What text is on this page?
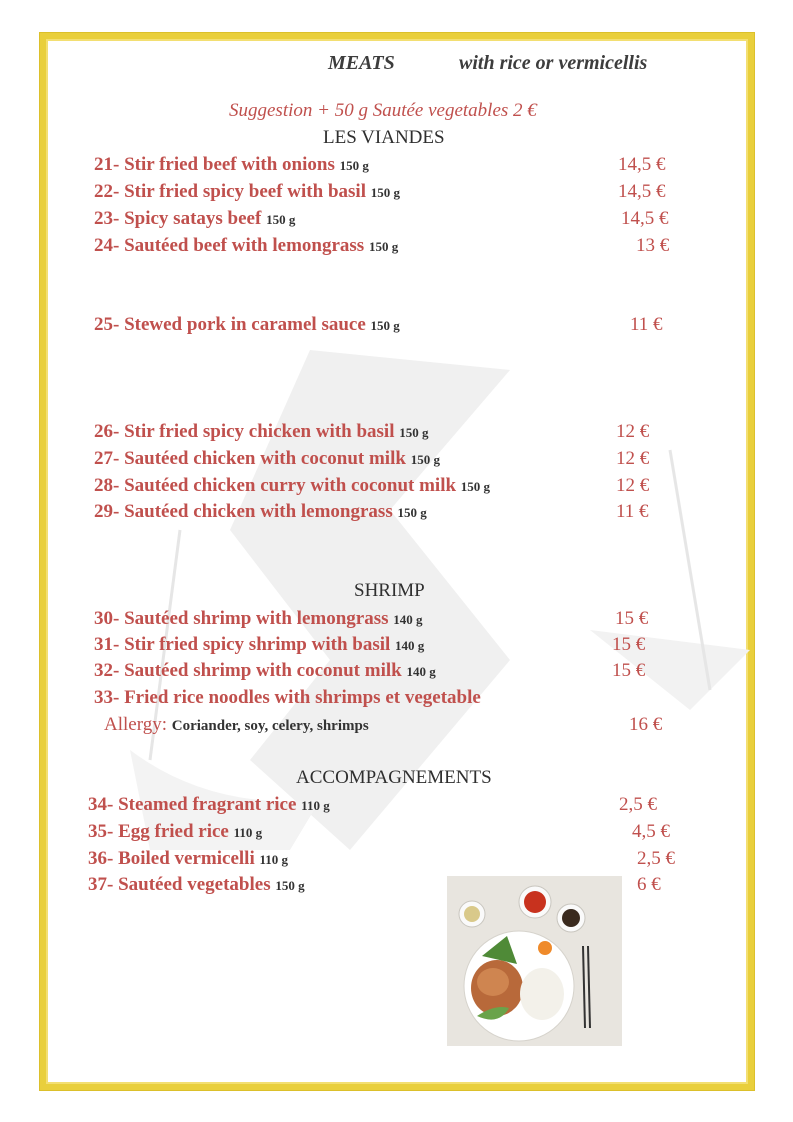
MEATS	with rice or vermicellis
Suggestion + 50 g Sautée vegetables 2 €
LES VIANDES
21- Stir fried beef with onions 150 g	14,5 €
22- Stir fried spicy beef with basil 150 g	14,5 €
23- Spicy satays beef 150 g	14,5 €
24- Sautéed beef with lemongrass 150 g	13 €
25- Stewed pork in caramel sauce 150 g	11 €
26- Stir fried spicy chicken with basil 150 g	12 €
27- Sautéed chicken with coconut milk 150 g	12 €
28- Sautéed chicken curry with coconut milk 150 g	12 €
29- Sautéed chicken with lemongrass 150 g	11 €
SHRIMP
30- Sautéed shrimp with lemongrass 140 g	15 €
31- Stir fried spicy shrimp with basil 140 g	15 €
32- Sautéed shrimp with coconut milk 140 g	15 €
33- Fried rice noodles with shrimps et vegetable
Allergy: Coriander, soy, celery, shrimps	16 €
ACCOMPAGNEMENTS
34- Steamed fragrant rice 110 g	2,5 €
35- Egg fried rice 110 g	4,5 €
36- Boiled vermicelli 110 g	2,5 €
37- Sautéed vegetables 150 g	6 €
